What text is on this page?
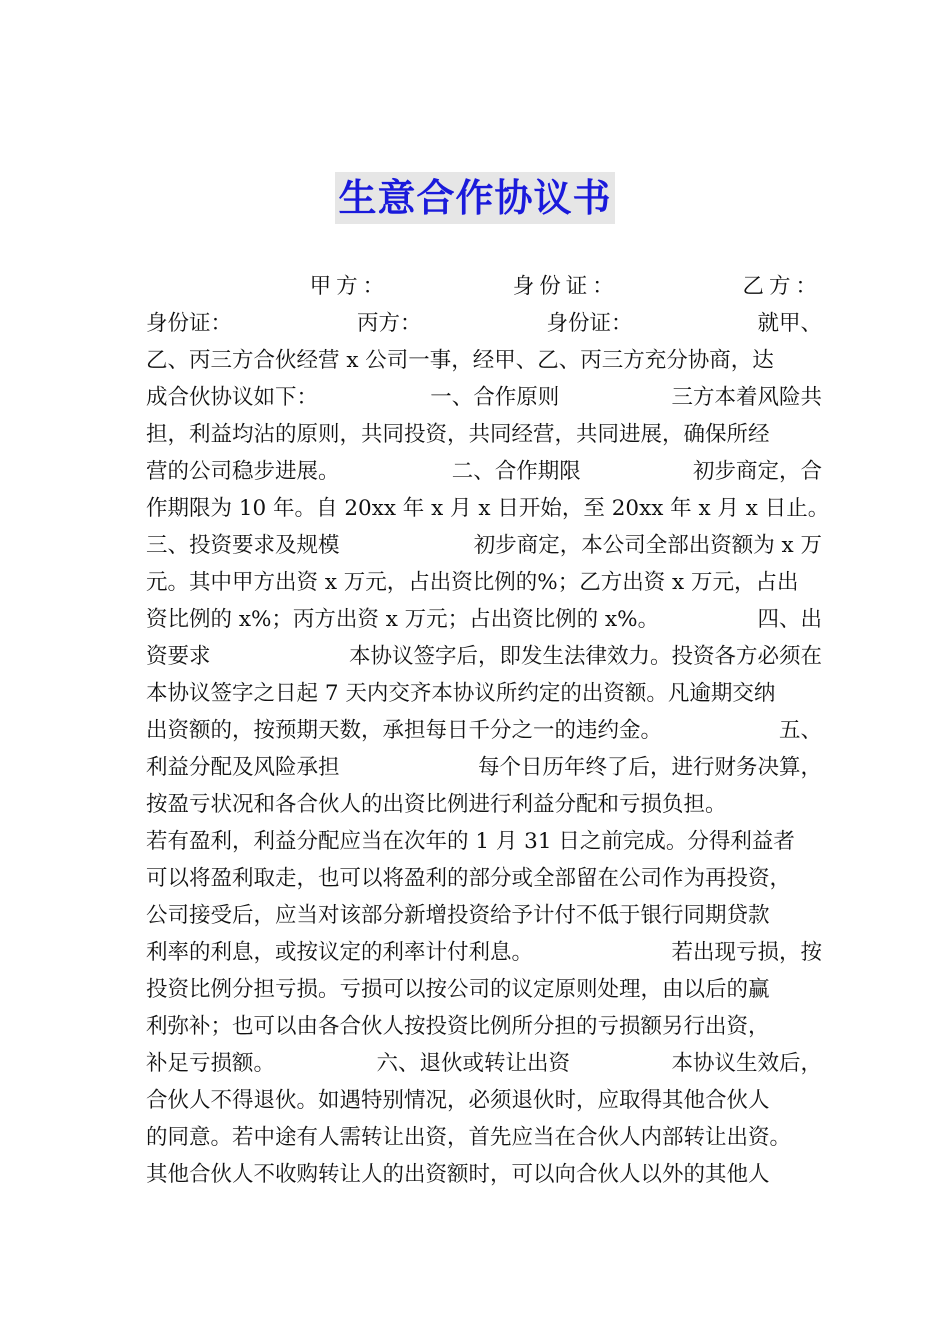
生意合作协议书
甲方：	身份证：	乙方：
身份证：	丙方：	身份证：	就甲、
乙、丙三方合伙经营 x 公司一事，经甲、乙、丙三方充分协商，达
成合伙协议如下：	一、合作原则	三方本着风险共
担，利益均沾的原则，共同投资，共同经营，共同进展，确保所经
营的公司稳步进展。	二、合作期限	初步商定，合
作期限为 10 年。自 20xx 年 x 月 x 日开始，至 20xx 年 x 月 x 日止。
三、投资要求及规模	初步商定，本公司全部出资额为 x 万
元。其中甲方出资 x 万元，占出资比例的%；乙方出资 x 万元，占出
资比例的 x%；丙方出资 x 万元；占出资比例的 x%。	四、出
资要求	本协议签字后，即发生法律效力。投资各方必须在
本协议签字之日起 7 天内交齐本协议所约定的出资额。凡逾期交纳
出资额的，按预期天数，承担每日千分之一的违约金。	五、
利益分配及风险承担	每个日历年终了后，进行财务决算，
按盈亏状况和各合伙人的出资比例进行利益分配和亏损负担。
若有盈利，利益分配应当在次年的 1 月 31 日之前完成。分得利益者
可以将盈利取走，也可以将盈利的部分或全部留在公司作为再投资，
公司接受后，应当对该部分新增投资给予计付不低于银行同期贷款
利率的利息，或按议定的利率计付利息。	若出现亏损，按
投资比例分担亏损。亏损可以按公司的议定原则处理，由以后的赢
利弥补；也可以由各合伙人按投资比例所分担的亏损额另行出资，
补足亏损额。	六、退伙或转让出资	本协议生效后，
合伙人不得退伙。如遇特别情况，必须退伙时，应取得其他合伙人
的同意。若中途有人需转让出资，首先应当在合伙人内部转让出资。
其他合伙人不收购转让人的出资额时，可以向合伙人以外的其他人
